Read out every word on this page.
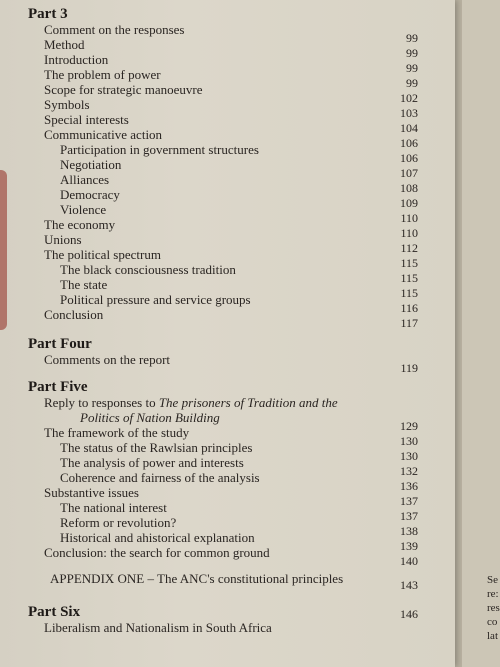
Part 3
Comment on the responses
99
Method
99
Introduction
99
The problem of power
99
Scope for strategic manoeuvre
102
Symbols
103
Special interests
104
Communicative action
106
Participation in government structures
106
Negotiation
107
Alliances
108
Democracy
109
Violence
110
The economy
110
Unions
112
The political spectrum
115
The black consciousness tradition
115
The state
115
Political pressure and service groups
116
Conclusion
117
Part Four
Comments on the report
119
Part Five
Reply to responses to The prisoners of Tradition and the
Politics of Nation Building
129
The framework of the study
130
The status of the Rawlsian principles
130
The analysis of power and interests
132
Coherence and fairness of the analysis
136
Substantive issues
137
The national interest
137
Reform or revolution?
138
Historical and ahistorical explanation
139
Conclusion: the search for common ground
140
APPENDIX ONE – The ANC's constitutional principles	143
Part Six
Liberalism and Nationalism in South Africa
146
Se
re:
res
co
lat
